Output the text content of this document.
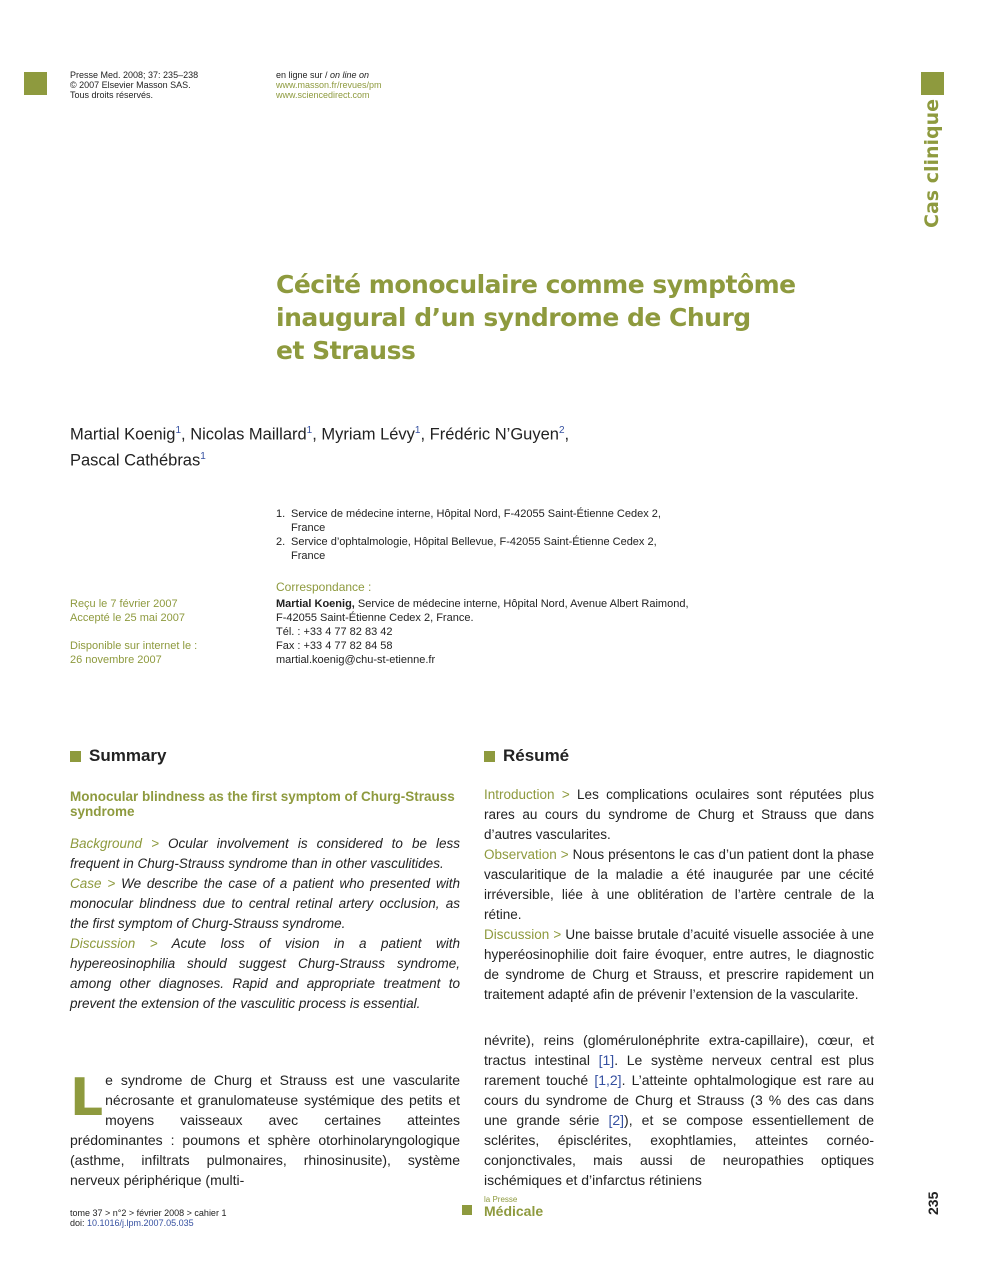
Presse Med. 2008; 37: 235–238
© 2007 Elsevier Masson SAS.
Tous droits réservés.
en ligne sur / on line on
www.masson.fr/revues/pm
www.sciencedirect.com
Cas clinique
Cécité monoculaire comme symptôme
inaugural d’un syndrome de Churg
et Strauss
Martial Koenig$^1$, Nicolas Maillard$^1$, Myriam Lévy$^1$, Frédéric N’Guyen$^2$,
Pascal Cathébras$^1$
1. Service de médecine interne, Hôpital Nord, F-42055 Saint-Étienne Cedex 2,
France
2. Service d’ophtalmologie, Hôpital Bellevue, F-42055 Saint-Étienne Cedex 2,
France
Correspondance :
Martial Koenig, Service de médecine interne, Hôpital Nord, Avenue Albert Raimond,
F-42055 Saint-Étienne Cedex 2, France.
Tél. : +33 4 77 82 83 42
Fax : +33 4 77 82 84 58
martial.koenig@chu-st-etienne.fr
Reçu le 7 février 2007
Accepté le 25 mai 2007
Disponible sur internet le :
26 novembre 2007
Summary
Monocular blindness as the first symptom of Churg-Strauss syndrome

Background > Ocular involvement is considered to be less frequent in Churg-Strauss syndrome than in other vasculitides.

Case > We describe the case of a patient who presented with monocular blindness due to central retinal artery occlusion, as the first symptom of Churg-Strauss syndrome.

Discussion > Acute loss of vision in a patient with hypereosinophilia should suggest Churg-Strauss syndrome, among other diagnoses. Rapid and appropriate treatment to prevent the extension of the vasculitic process is essential.

Résumé

Introduction > Les complications oculaires sont réputées plus rares au cours du syndrome de Churg et Strauss que dans d’autres vascularites.

Observation > Nous présentons le cas d’un patient dont la phase vascularitique de la maladie a été inaugurée par une cécité irréversible, liée à une oblitération de l’artère centrale de la rétine.

Discussion > Une baisse brutale d’acuité visuelle associée à une hyperéosinophilie doit faire évoquer, entre autres, le diagnostic de syndrome de Churg et Strauss, et prescrire rapidement un traitement adapté afin de prévenir l’extension de la vascularite.

Le syndrome de Churg et Strauss est une vascularite nécrosante et granulomateuse systémique des petits et moyens vaisseaux avec certaines atteintes prédominantes : poumons et sphère otorhinolaryngologique (asthme, infiltrats pulmonaires, rhinosinusite), système nerveux périphérique (multi-

névrite), reins (glomérulonéphrite extra-capillaire), cœur, et tractus intestinal [1]. Le système nerveux central est plus rarement touché [1,2]. L’atteinte ophtalmologique est rare au cours du syndrome de Churg et Strauss (3 % des cas dans une grande série [2]), et se compose essentiellement de sclérites, épisclérites, exophtlamies, atteintes cornéo-conjonctivales, mais aussi de neuropathies optiques ischémiques et d’infarctus rétiniens

tome 37 > n°2 > février 2008 > cahier 1
doi: 10.1016/j.lpm.2007.05.035
la Presse
Médicale	235
